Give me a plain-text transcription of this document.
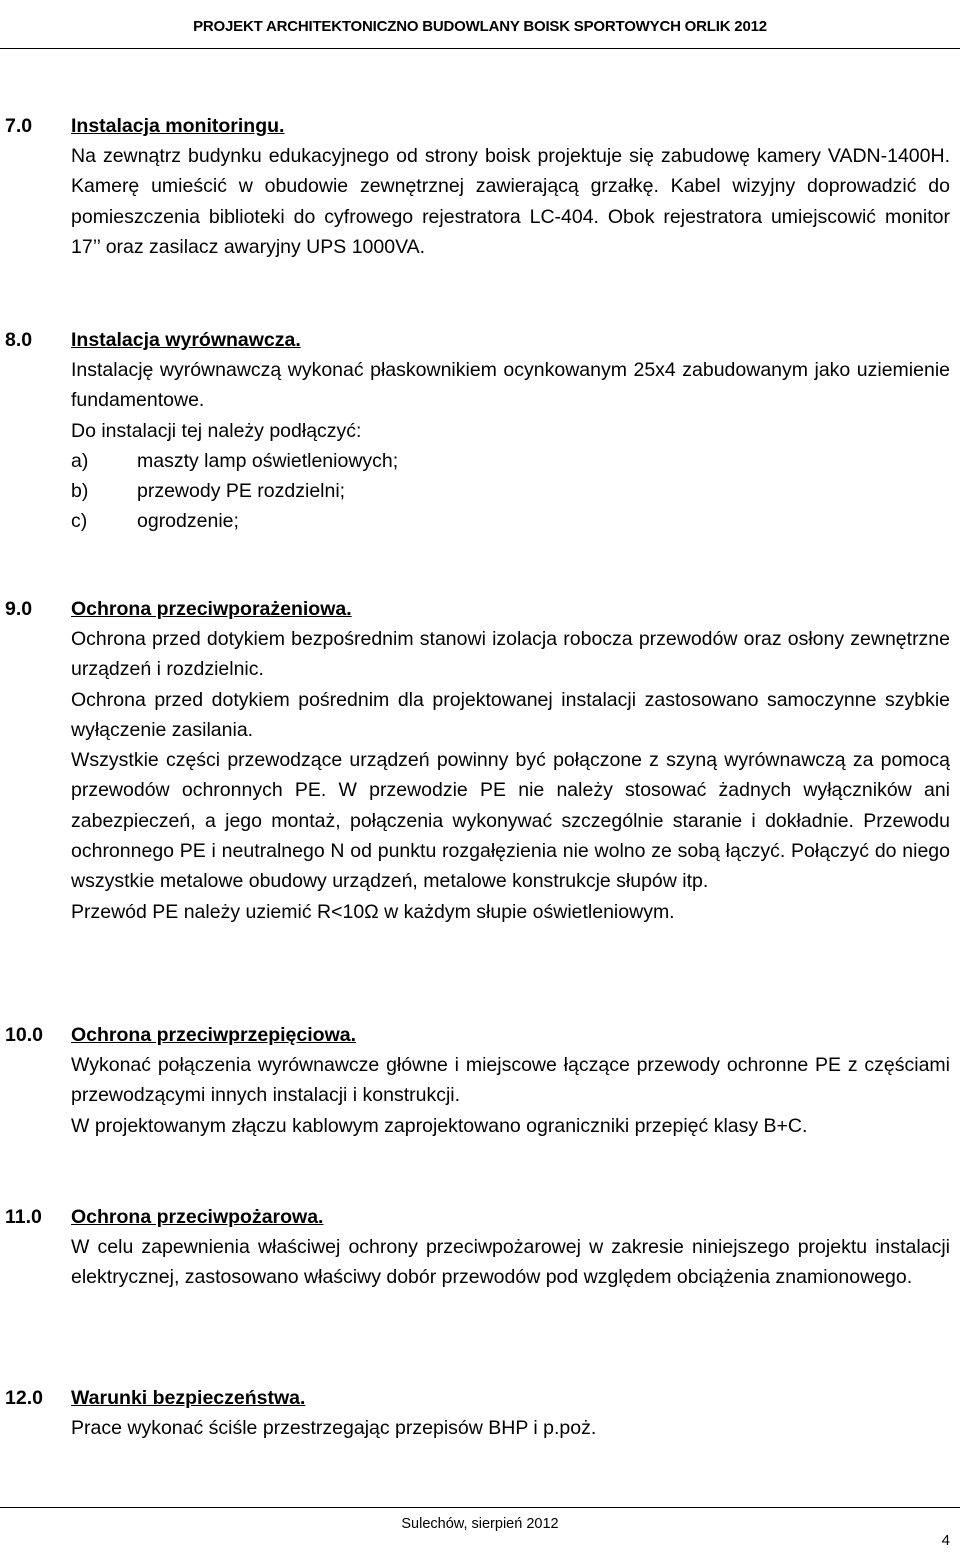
PROJEKT ARCHITEKTONICZNO BUDOWLANY BOISK SPORTOWYCH ORLIK 2012
7.0 Instalacja monitoringu.

Na zewnątrz budynku edukacyjnego od strony boisk projektuje się zabudowę kamery VADN-1400H. Kamerę umieścić w obudowie zewnętrznej zawierającą grzałkę. Kabel wizyjny doprowadzić do pomieszczenia biblioteki do cyfrowego rejestratora LC-404. Obok rejestratora umiejscowić monitor 17’’ oraz zasilacz awaryjny UPS 1000VA.

8.0 Instalacja wyrównawcza.

Instalację wyrównawczą wykonać płaskownikiem ocynkowanym 25x4 zabudowanym jako uziemienie fundamentowe.

Do instalacji tej należy podłączyć:

a) maszty lamp oświetleniowych;
b) przewody PE rozdzielni;
c)	ogrodzenie;
9.0 Ochrona przeciwporażeniowa.

Ochrona przed dotykiem bezpośrednim stanowi izolacja robocza przewodów oraz osłony zewnętrzne urządzeń i rozdzielnic.

Ochrona przed dotykiem pośrednim dla projektowanej instalacji zastosowano samoczynne szybkie wyłączenie zasilania.

Wszystkie części przewodzące urządzeń powinny być połączone z szyną wyrównawczą za pomocą przewodów ochronnych PE. W przewodzie PE nie należy stosować żadnych wyłączników ani zabezpieczeń, a jego montaż, połączenia wykonywać szczególnie staranie i dokładnie. Przewodu ochronnego PE i neutralnego N od punktu rozgałęzienia nie wolno ze sobą łączyć. Połączyć do niego wszystkie metalowe obudowy urządzeń, metalowe konstrukcje słupów itp.

Przewód PE należy uziemić R<10Ω w każdym słupie oświetleniowym.

10.0 Ochrona przeciwprzepięciowa.

Wykonać połączenia wyrównawcze główne i miejscowe łączące przewody ochronne PE z częściami przewodzącymi innych instalacji i konstrukcji.

W projektowanym złączu kablowym zaprojektowano ograniczniki przepięć klasy B+C.

11.0 Ochrona przeciwpożarowa.

W celu zapewnienia właściwej ochrony przeciwpożarowej w zakresie niniejszego projektu instalacji elektrycznej, zastosowano właściwy dobór przewodów pod względem obciążenia znamionowego.

12.0 Warunki bezpieczeństwa.

Prace wykonać ściśle przestrzegając przepisów BHP i p.poż.

Sulechów, sierpień 2012
4
